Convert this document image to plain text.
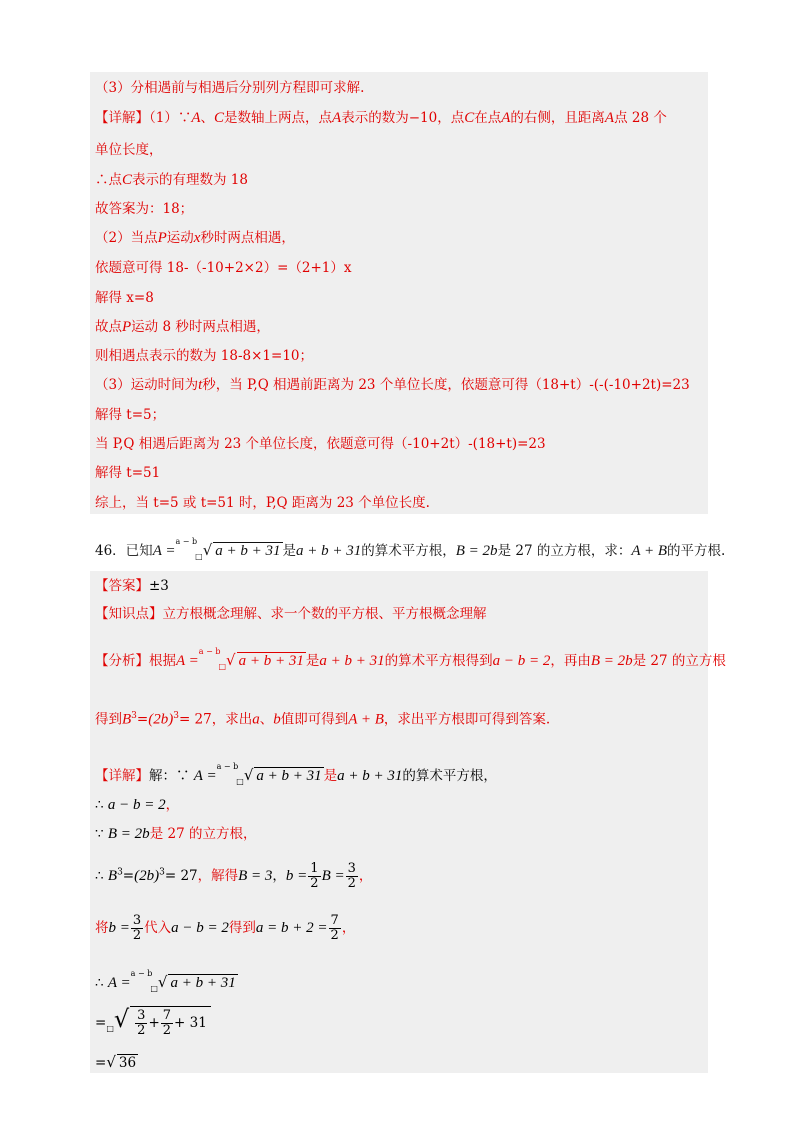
（3）分相遇前与相遇后分别列方程即可求解.
【详解】（1）∵A、C是数轴上两点，点A表示的数为−10，点C在点A的右侧，且距离A点 28 个
单位长度，
∴点C表示的有理数为 18
故答案为：18；
（2）当点P运动x秒时两点相遇，
依题意可得 18-（-10+2×2）=（2+1）x
解得 x=8
故点P运动 8 秒时两点相遇，
则相遇点表示的数为 18-8×1=10；
（3）运动时间为t秒，当 P,Q 相遇前距离为 23 个单位长度，依题意可得（18+t）-(-(-10+2t)=23
解得 t=5；
当 P,Q 相遇后距离为 23 个单位长度，依题意可得（-10+2t）-(18+t)=23
解得 t=51
综上，当 t=5 或 t=51 时，P,Q 距离为 23 个单位长度.
46．已知A =$^{a - b}_□$√ a + b + 31 是a + b + 31的算术平方根，B = 2b是 27 的立方根，求：A + B的平方根.
【答案】±3
【知识点】立方根概念理解、求一个数的平方根、平方根概念理解
【分析】根据A =$^{a - b}_□$√ a + b + 31 是a + b + 31的算术平方根得到a − b = 2，再由B = 2b是 27 的立方根
得到$B^3=(2b)^3= 27$，求出a、b值即可得到A + B，求出平方根即可得到答案.
【详解】解：∵ A =$^{a - b}_□$√ a + b + 31 是a + b + 31的算术平方根，
∴ a − b = 2，
∵ B = 2b是 27 的立方根，
∴ $B^3=(2b)^3= 27$，解得B = 3，$b = \frac{1}{2}$ $B = \frac{3}{2}$ ，
将$b = \frac{3}{2}$ 代入a − b = 2得到$a = b + 2 = \frac{7}{2}$ ，
∴ A =$^{a - b}_□$√ a + b + 31
$=_□√ \frac{3}{2} + \frac{7}{2} + 31$
=√ 36
